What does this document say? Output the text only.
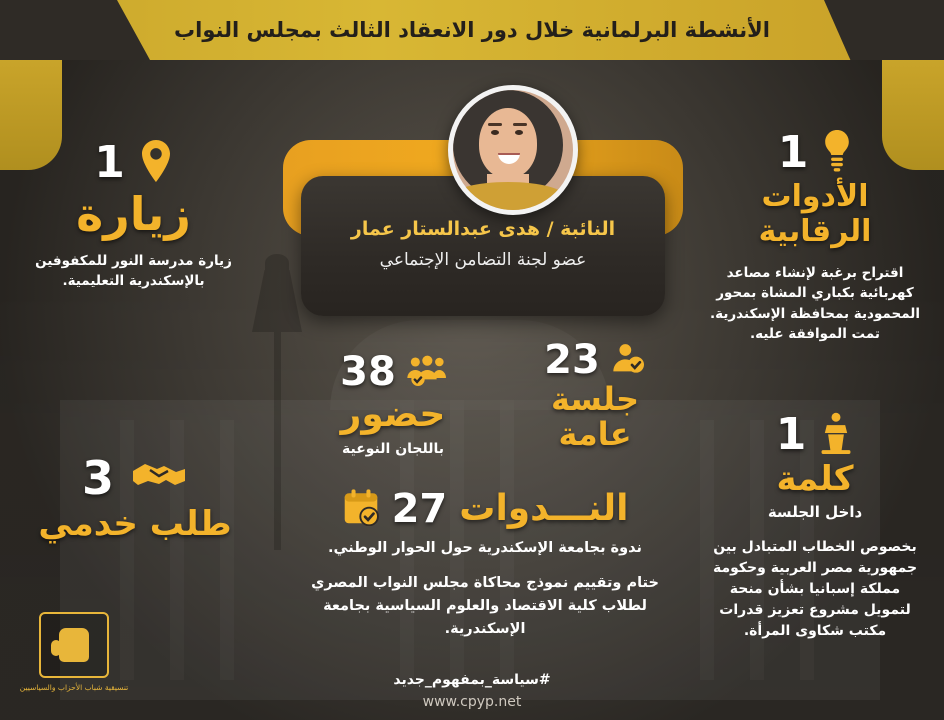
الأنشطة البرلمانية خلال دور الانعقاد الثالث بمجلس النواب
النائبة / هدى عبدالستار عمار
عضو لجنة التضامن الإجتماعي
1
زيارة
زيارة مدرسة النور للمكفوفين بالإسكندرية التعليمية.
3
طلب خدمي
1
الأدوات الرقابية
اقتراح برغبة لإنشاء مصاعد كهربائية بكباري المشاة بمحور المحمودية بمحافظة الإسكندرية. تمت الموافقة عليه.
1
كلمة
داخل الجلسة
بخصوص الخطاب المتبادل بين جمهورية مصر العربية وحكومة مملكة إسبانيا بشأن منحة لتمويل مشروع تعزيز قدرات مكتب شكاوى المرأة.
38
حضور
باللجان النوعية
23
جلسة عامة
النـــدوات
27
ندوة بجامعة الإسكندرية حول الحوار الوطني.
ختام وتقييم نموذج محاكاة مجلس النواب المصري لطلاب كلية الاقتصاد والعلوم السياسية بجامعة الإسكندرية.
تنسيقية شباب الأحزاب والسياسيين	#سياسة_بمفهوم_جديد
www.cpyp.net
